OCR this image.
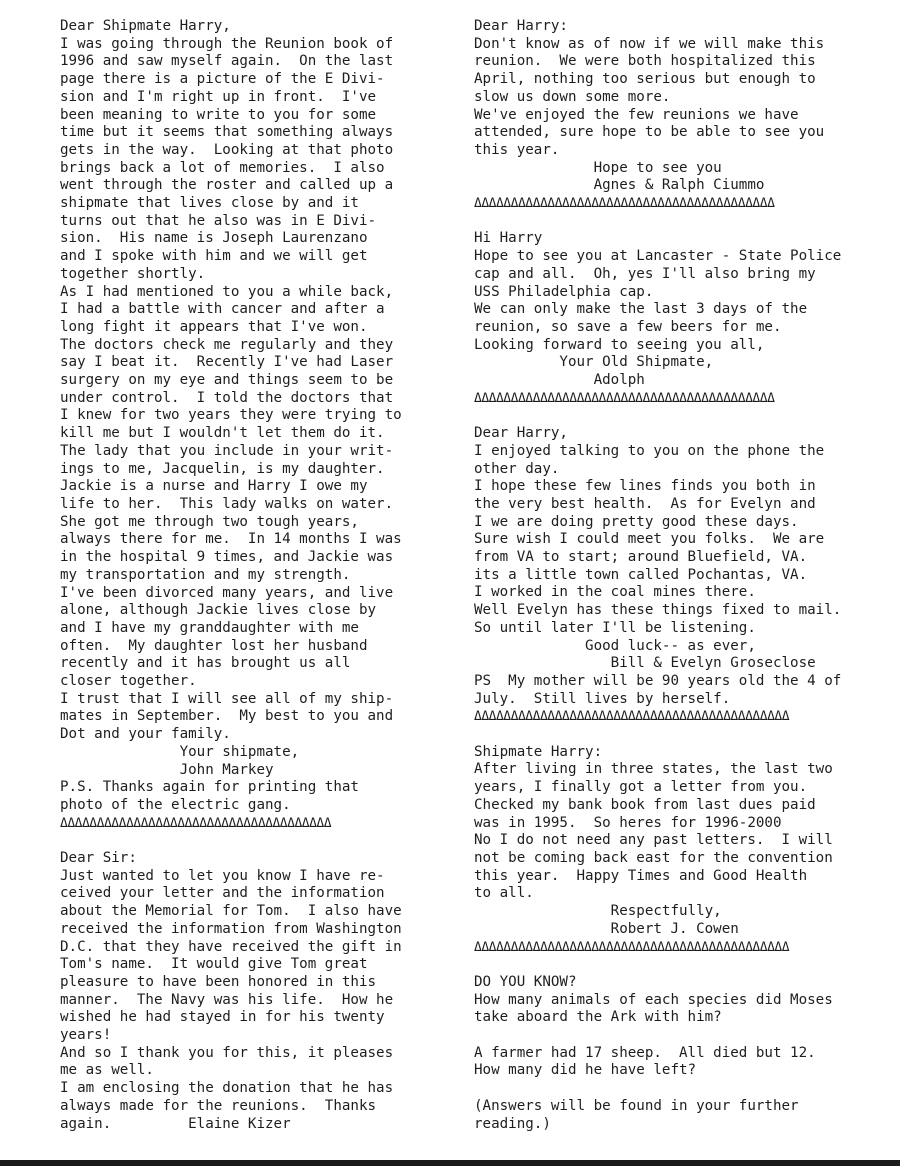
Dear Shipmate Harry,
I was going through the Reunion book of
1996 and saw myself again.  On the last
page there is a picture of the E Divi-
sion and I'm right up in front.  I've
been meaning to write to you for some
time but it seems that something always
gets in the way.  Looking at that photo
brings back a lot of memories.  I also
went through the roster and called up a
shipmate that lives close by and it
turns out that he also was in E Divi-
sion.  His name is Joseph Laurenzano
and I spoke with him and we will get
together shortly.
As I had mentioned to you a while back,
I had a battle with cancer and after a
long fight it appears that I've won.
The doctors check me regularly and they
say I beat it.  Recently I've had Laser
surgery on my eye and things seem to be
under control.  I told the doctors that
I knew for two years they were trying to
kill me but I wouldn't let them do it.
The lady that you include in your writ-
ings to me, Jacquelin, is my daughter.
Jackie is a nurse and Harry I owe my
life to her.  This lady walks on water.
She got me through two tough years,
always there for me.  In 14 months I was
in the hospital 9 times, and Jackie was
my transportation and my strength.
I've been divorced many years, and live
alone, although Jackie lives close by
and I have my granddaughter with me
often.  My daughter lost her husband
recently and it has brought us all
closer together.
I trust that I will see all of my ship-
mates in September.  My best to you and
Dot and your family.
Your shipmate,
John Markey
P.S. Thanks again for printing that
photo of the electric gang.
ΔΔΔΔΔΔΔΔΔΔΔΔΔΔΔΔΔΔΔΔΔΔΔΔΔΔΔΔΔΔΔΔΔΔΔΔΔ
Dear Sir:
Just wanted to let you know I have re-
ceived your letter and the information
about the Memorial for Tom.  I also have
received the information from Washington
D.C. that they have received the gift in
Tom's name.  It would give Tom great
pleasure to have been honored in this
manner.  The Navy was his life.  How he
wished he had stayed in for his twenty
years!
And so I thank you for this, it pleases
me as well.
I am enclosing the donation that he has
always made for the reunions.  Thanks
again.         Elaine Kizer
Dear Harry:
Don't know as of now if we will make this
reunion.  We were both hospitalized this
April, nothing too serious but enough to
slow us down some more.
We've enjoyed the few reunions we have
attended, sure hope to be able to see you
this year.
Hope to see you
Agnes & Ralph Ciummo
ΔΔΔΔΔΔΔΔΔΔΔΔΔΔΔΔΔΔΔΔΔΔΔΔΔΔΔΔΔΔΔΔΔΔΔΔΔΔΔΔΔ
Hi Harry
Hope to see you at Lancaster - State Police
cap and all.  Oh, yes I'll also bring my
USS Philadelphia cap.
We can only make the last 3 days of the
reunion, so save a few beers for me.
Looking forward to seeing you all,
Your Old Shipmate,
Adolph
ΔΔΔΔΔΔΔΔΔΔΔΔΔΔΔΔΔΔΔΔΔΔΔΔΔΔΔΔΔΔΔΔΔΔΔΔΔΔΔΔΔ
Dear Harry,
I enjoyed talking to you on the phone the
other day.
I hope these few lines finds you both in
the very best health.  As for Evelyn and
I we are doing pretty good these days.
Sure wish I could meet you folks.  We are
from VA to start; around Bluefield, VA.
its a little town called Pochantas, VA.
I worked in the coal mines there.
Well Evelyn has these things fixed to mail.
So until later I'll be listening.
Good luck-- as ever,
Bill & Evelyn Groseclose
PS  My mother will be 90 years old the 4 of
July.  Still lives by herself.
ΔΔΔΔΔΔΔΔΔΔΔΔΔΔΔΔΔΔΔΔΔΔΔΔΔΔΔΔΔΔΔΔΔΔΔΔΔΔΔΔΔΔΔ
Shipmate Harry:
After living in three states, the last two
years, I finally got a letter from you.
Checked my bank book from last dues paid
was in 1995.  So heres for 1996-2000
No I do not need any past letters.  I will
not be coming back east for the convention
this year.  Happy Times and Good Health
to all.
Respectfully,
Robert J. Cowen
ΔΔΔΔΔΔΔΔΔΔΔΔΔΔΔΔΔΔΔΔΔΔΔΔΔΔΔΔΔΔΔΔΔΔΔΔΔΔΔΔΔΔΔ
DO YOU KNOW?
How many animals of each species did Moses
take aboard the Ark with him?
A farmer had 17 sheep.  All died but 12.
How many did he have left?
(Answers will be found in your further
reading.)
